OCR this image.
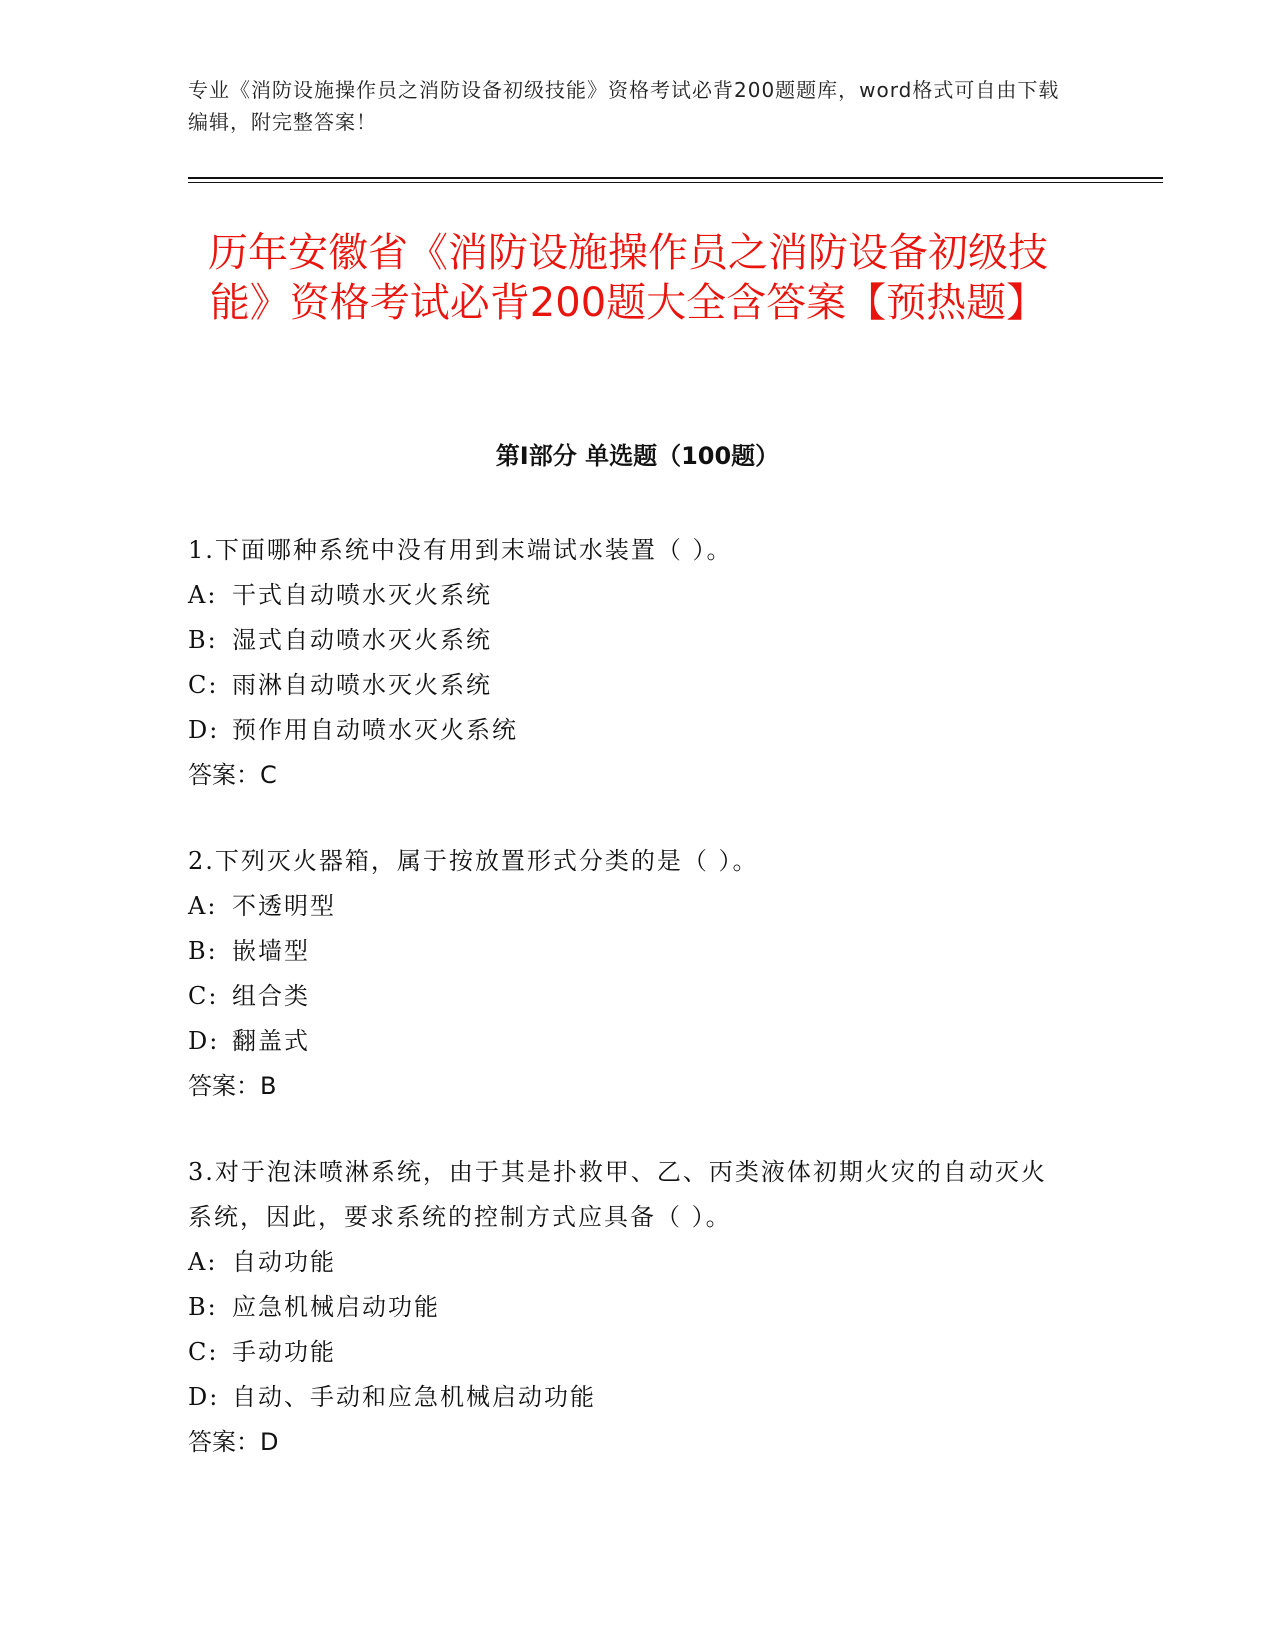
专业《消防设施操作员之消防设备初级技能》资格考试必背200题题库，word格式可自由下载编辑，附完整答案！
历年安徽省《消防设施操作员之消防设备初级技能》资格考试必背200题大全含答案【预热题】
第Ⅰ部分 单选题（100题）

1.下面哪种系统中没有用到末端试水装置（ ）。

A: 干式自动喷水灭火系统

B: 湿式自动喷水灭火系统

C: 雨淋自动喷水灭火系统

D: 预作用自动喷水灭火系统

答案：C

2.下列灭火器箱，属于按放置形式分类的是（ ）。

A: 不透明型

B: 嵌墙型

C: 组合类

D: 翻盖式

答案：B

3.对于泡沫喷淋系统，由于其是扑救甲、乙、丙类液体初期火灾的自动灭火系统，因此，要求系统的控制方式应具备（ ）。

A: 自动功能

B: 应急机械启动功能

C: 手动功能

D: 自动、手动和应急机械启动功能

答案：D
